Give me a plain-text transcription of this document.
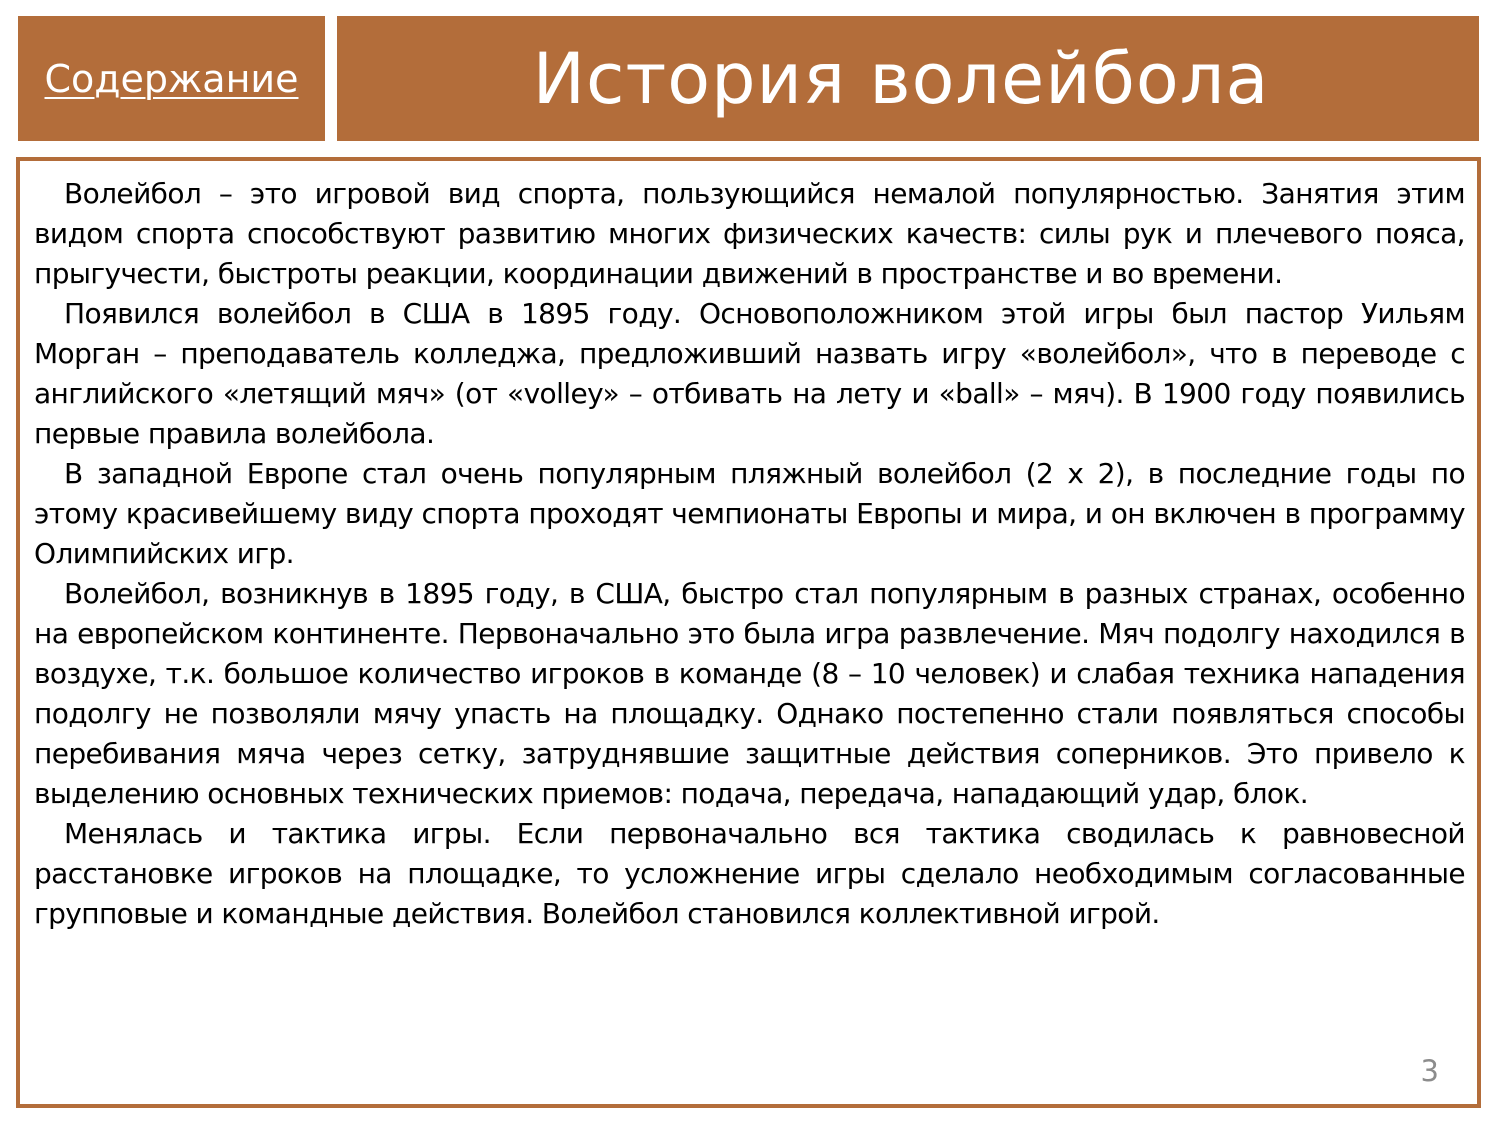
Содержание	История волейбола

Волейбол – это игровой вид спорта, пользующийся немалой популярностью. Занятия этим видом спорта способствуют развитию многих физических качеств: силы рук и плечевого пояса, прыгучести, быстроты реакции, координации движений в пространстве и во времени.

Появился волейбол в США в 1895 году. Основоположником этой игры был пастор Уильям Морган – преподаватель колледжа, предложивший назвать игру «волейбол», что в переводе с английского «летящий мяч» (от «volley» – отбивать на лету и «ball» – мяч). В 1900 году появились первые правила волейбола.

В западной Европе стал очень популярным пляжный волейбол (2 х 2), в последние годы по этому красивейшему виду спорта проходят чемпионаты Европы и мира, и он включен в программу Олимпийских игр.

Волейбол, возникнув в 1895 году, в США, быстро стал популярным в разных странах, особенно на европейском континенте. Первоначально это была игра развлечение. Мяч подолгу находился в воздухе, т.к. большое количество игроков в команде (8 – 10 человек) и слабая техника нападения подолгу не позволяли мячу упасть на площадку. Однако постепенно стали появляться способы перебивания мяча через сетку, затруднявшие защитные действия соперников. Это привело к выделению основных технических приемов: подача, передача, нападающий удар, блок.

Менялась и тактика игры. Если первоначально вся тактика сводилась к равновесной расстановке игроков на площадке, то усложнение игры сделало необходимым согласованные групповые и командные действия. Волейбол становился коллективной игрой.

3
